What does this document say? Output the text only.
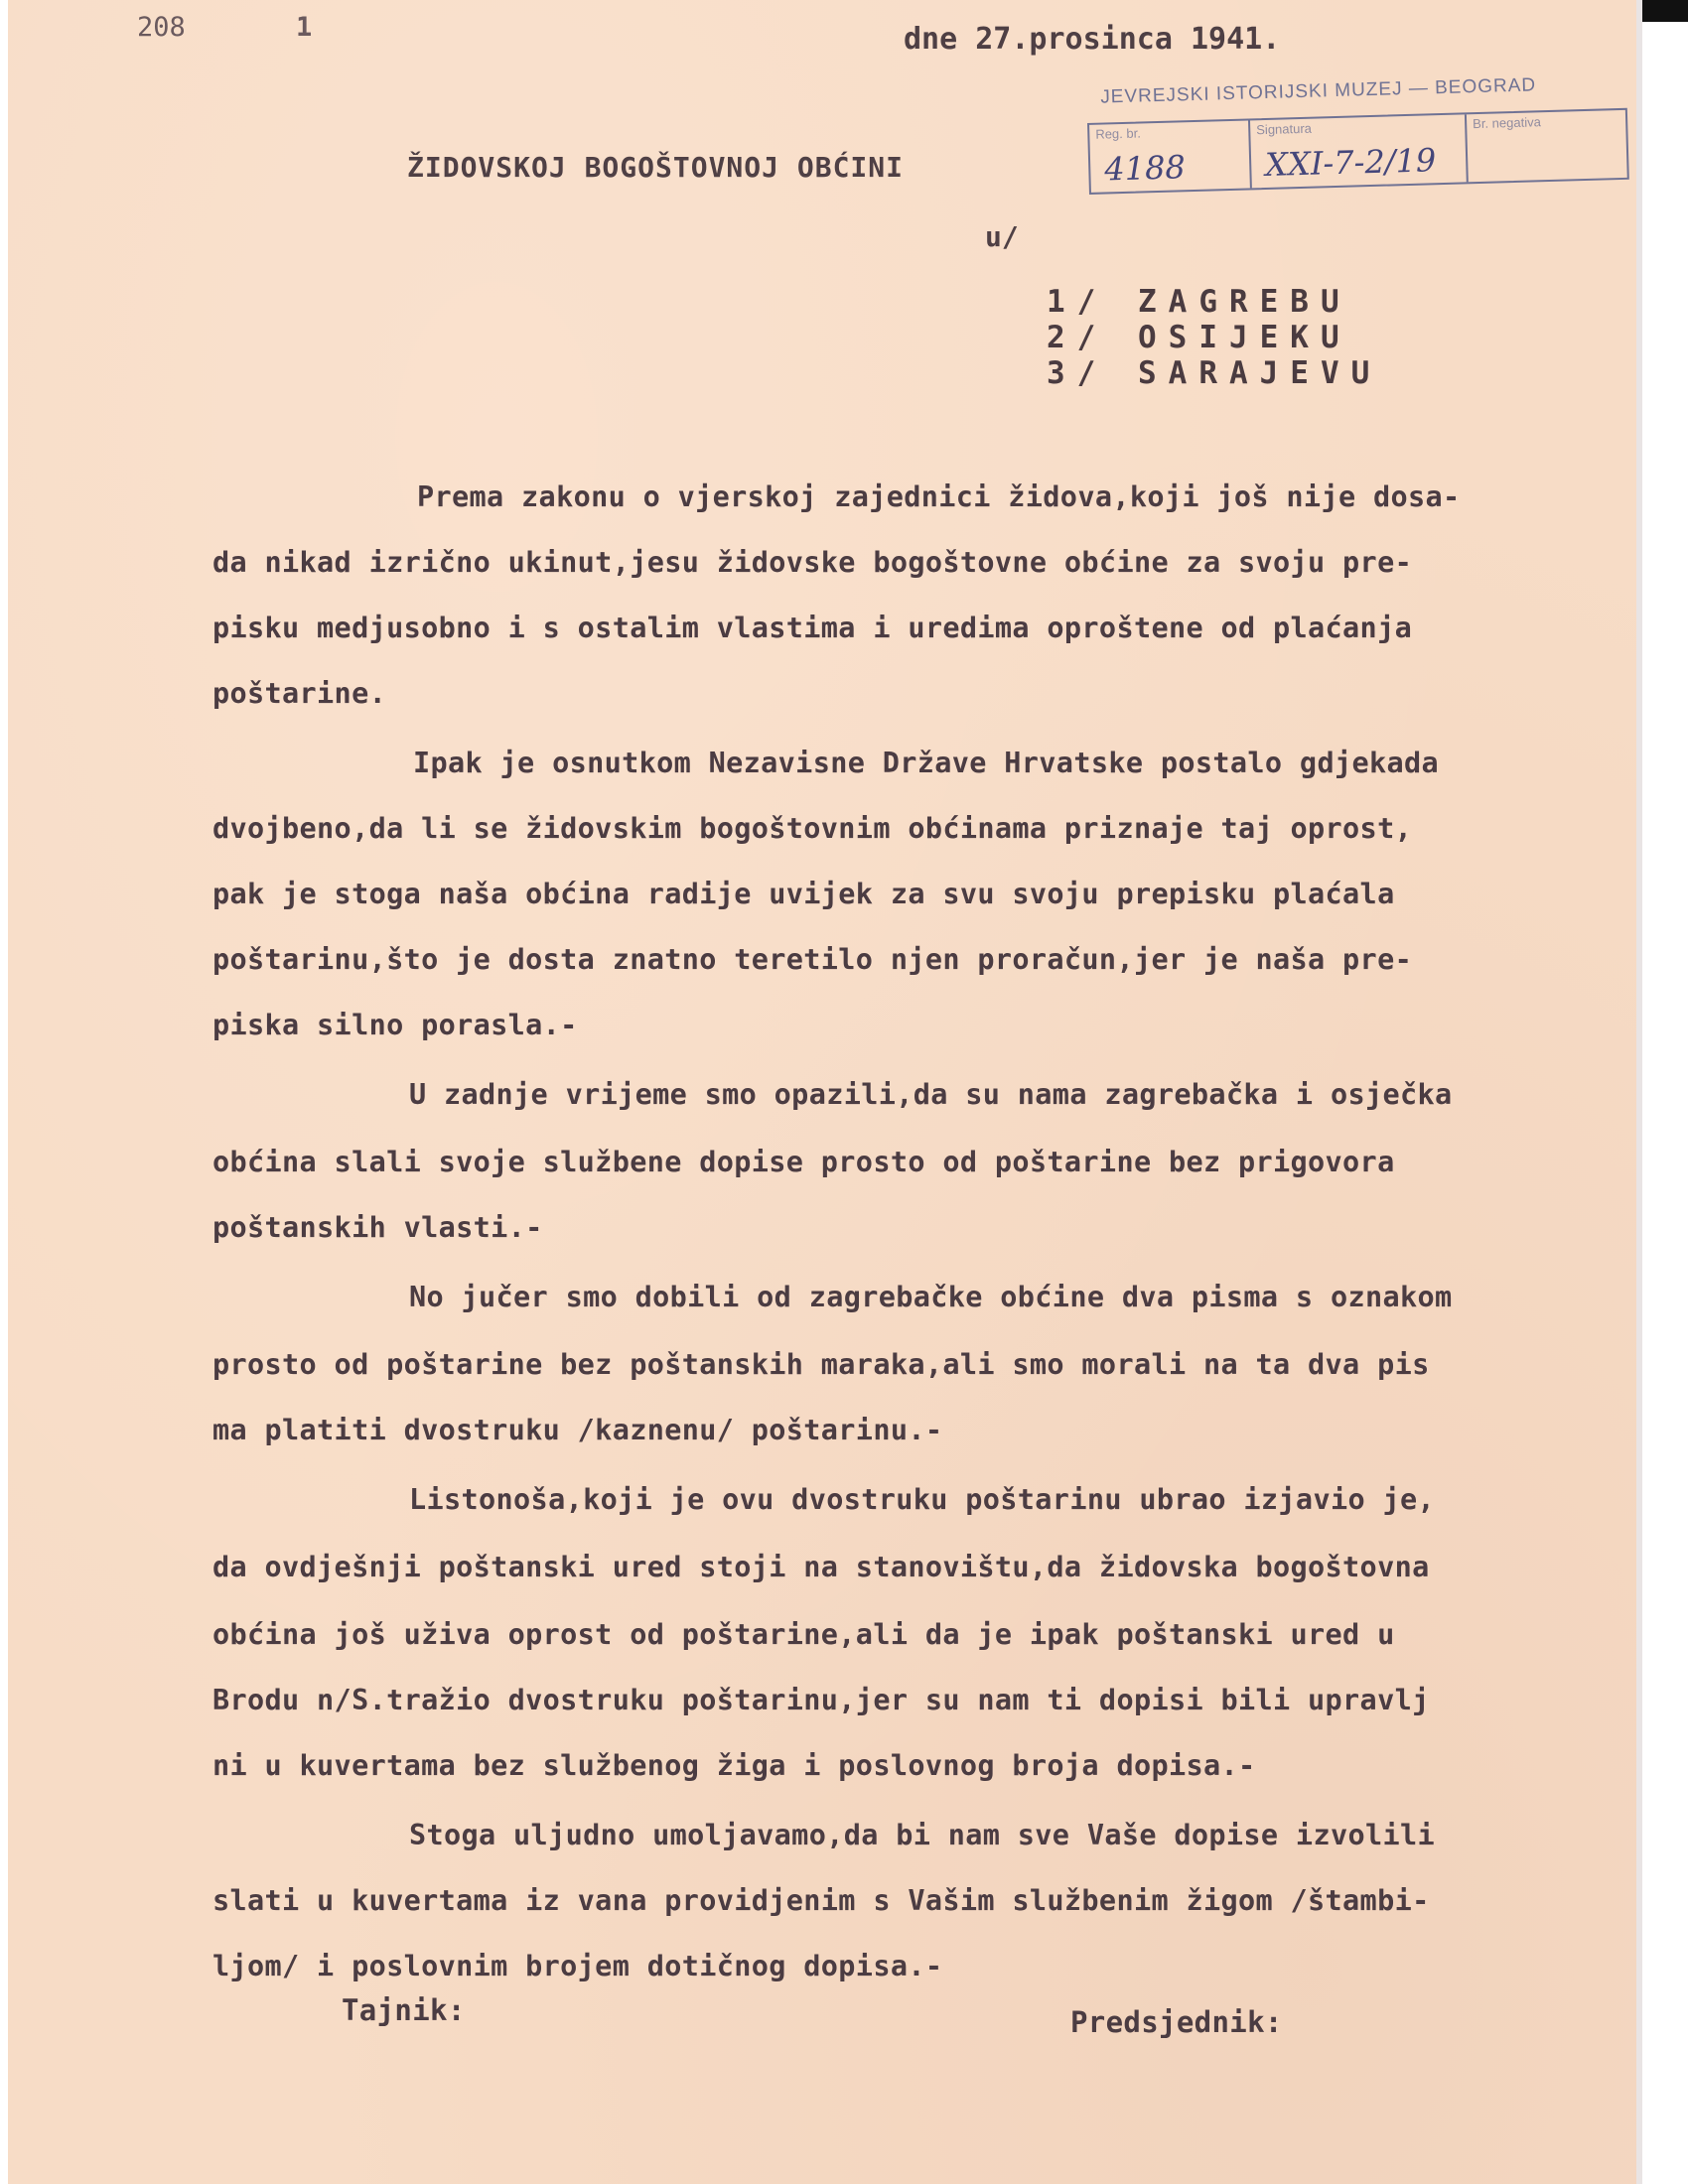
208	1	dne 27.prosinca 1941.
JEVREJSKI ISTORIJSKI MUZEJ — BEOGRAD
Reg. br.
4188
Signatura
XXI-7-2/19
Br. negativa
ŽIDOVSKOJ BOGOŠTOVNOJ OBĆINI
u/
1/ ZAGREBU
2/ OSIJEKU
3/ SARAJEVU
Prema zakonu o vjerskoj zajednici židova,koji još nije dosa-
da nikad izrično ukinut,jesu židovske bogoštovne obćine za svoju pre-
pisku medjusobno i s ostalim vlastima i uredima oproštene od plaćanja
poštarine.
Ipak je osnutkom Nezavisne Države Hrvatske postalo gdjekada
dvojbeno,da li se židovskim bogoštovnim obćinama priznaje taj oprost,
pak je stoga naša obćina radije uvijek za svu svoju prepisku plaćala
poštarinu,što je dosta znatno teretilo njen proračun,jer je naša pre-
piska silno porasla.-
U zadnje vrijeme smo opazili,da su nama zagrebačka i osječka
obćina slali svoje službene dopise prosto od poštarine bez prigovora
poštanskih vlasti.-
No jučer smo dobili od zagrebačke obćine dva pisma s oznakom
prosto od poštarine bez poštanskih maraka,ali smo morali na ta dva pis
ma platiti dvostruku /kaznenu/ poštarinu.-
Listonoša,koji je ovu dvostruku poštarinu ubrao izjavio je,
da ovdješnji poštanski ured stoji na stanovištu,da židovska bogoštovna
obćina još uživa oprost od poštarine,ali da je ipak poštanski ured u
Brodu n/S.tražio dvostruku poštarinu,jer su nam ti dopisi bili upravlj
ni u kuvertama bez službenog žiga i poslovnog broja dopisa.-
Stoga uljudno umoljavamo,da bi nam sve Vaše dopise izvolili
slati u kuvertama iz vana providjenim s Vašim službenim žigom /štambi-
ljom/ i poslovnim brojem dotičnog dopisa.-
Tajnik:	Predsjednik:
